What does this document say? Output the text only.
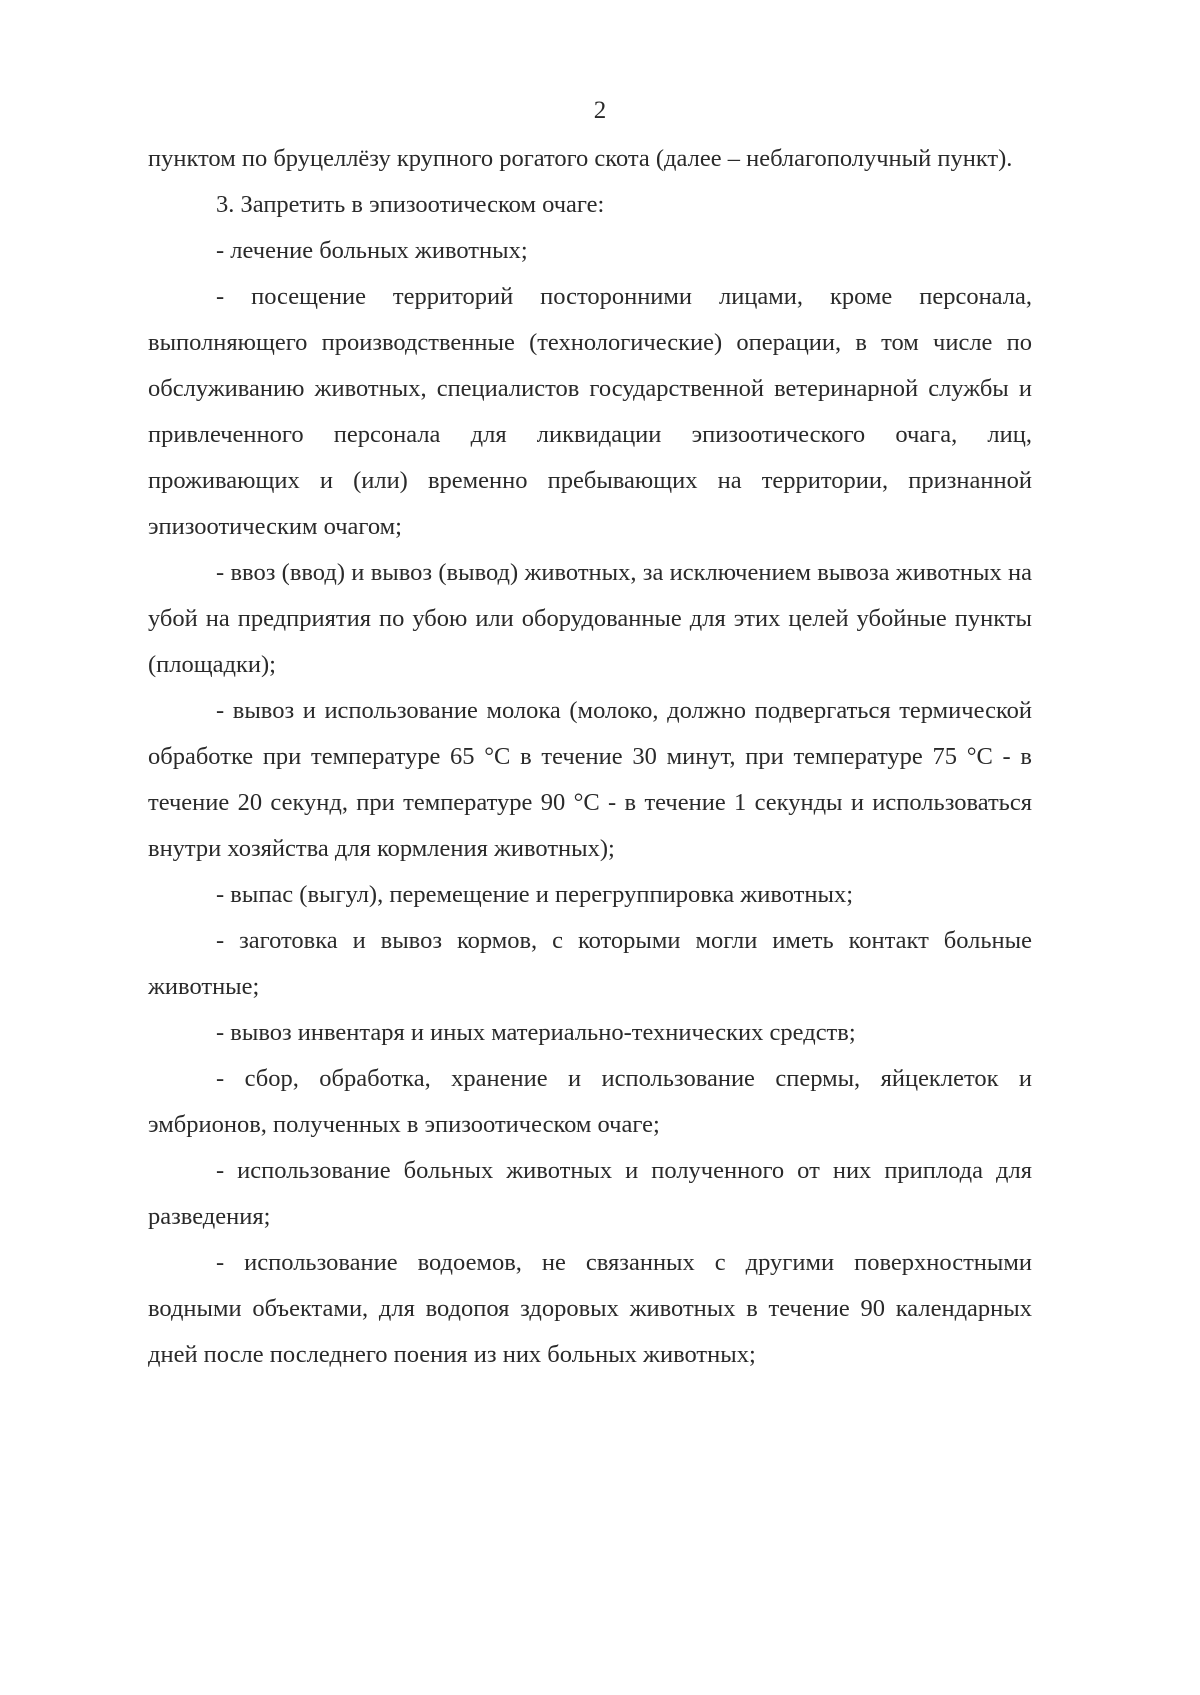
2

пунктом по бруцеллёзу крупного рогатого скота (далее – неблагополучный пункт).

3. Запретить в эпизоотическом очаге:

- лечение больных животных;

- посещение территорий посторонними лицами, кроме персонала, выполняющего производственные (технологические) операции, в том числе по обслуживанию животных, специалистов государственной ветеринарной службы и привлеченного персонала для ликвидации эпизоотического очага, лиц, проживающих и (или) временно пребывающих на территории, признанной эпизоотическим очагом;

- ввоз (ввод) и вывоз (вывод) животных, за исключением вывоза животных на убой на предприятия по убою или оборудованные для этих целей убойные пункты (площадки);

- вывоз и использование молока (молоко, должно подвергаться термической обработке при температуре 65 °С в течение 30 минут, при температуре 75 °С - в течение 20 секунд, при температуре 90 °С - в течение 1 секунды и использоваться внутри хозяйства для кормления животных);

- выпас (выгул), перемещение и перегруппировка животных;

- заготовка и вывоз кормов, с которыми могли иметь контакт больные животные;

- вывоз инвентаря и иных материально-технических средств;

- сбор, обработка, хранение и использование спермы, яйцеклеток и эмбрионов, полученных в эпизоотическом очаге;

- использование больных животных и полученного от них приплода для разведения;

- использование водоемов, не связанных с другими поверхностными водными объектами, для водопоя здоровых животных в течение 90 календарных дней после последнего поения из них больных животных;
